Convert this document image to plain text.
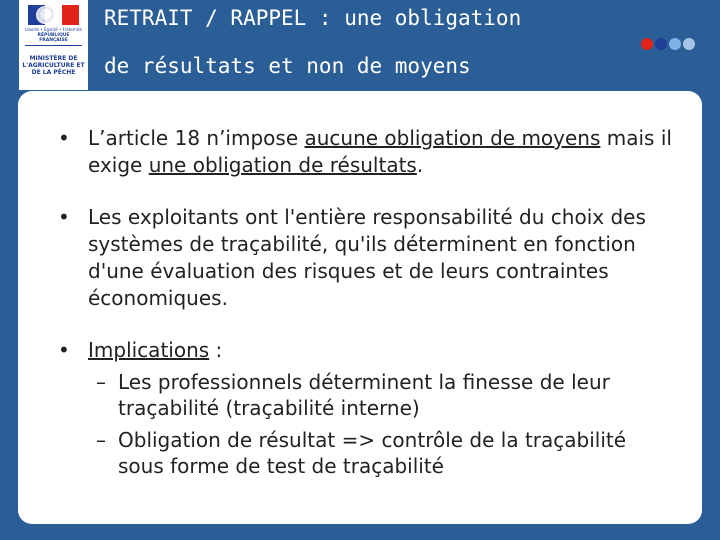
Liberté • Égalité • Fraternité
RÉPUBLIQUE FRANÇAISE
MINISTÈRE DE L'AGRICULTURE ET DE LA PÊCHE
RETRAIT / RAPPEL : une obligation
de résultats et non de moyens
• L’article 18 n’impose aucune obligation de moyens mais il exige une obligation de résultats.
• Les exploitants ont l'entière responsabilité du choix des systèmes de traçabilité, qu'ils déterminent en fonction d'une évaluation des risques et de leurs contraintes économiques.
• Implications :
– Les professionnels déterminent la finesse de leur traçabilité (traçabilité interne)
– Obligation de résultat => contrôle de la traçabilité sous forme de test de traçabilité
